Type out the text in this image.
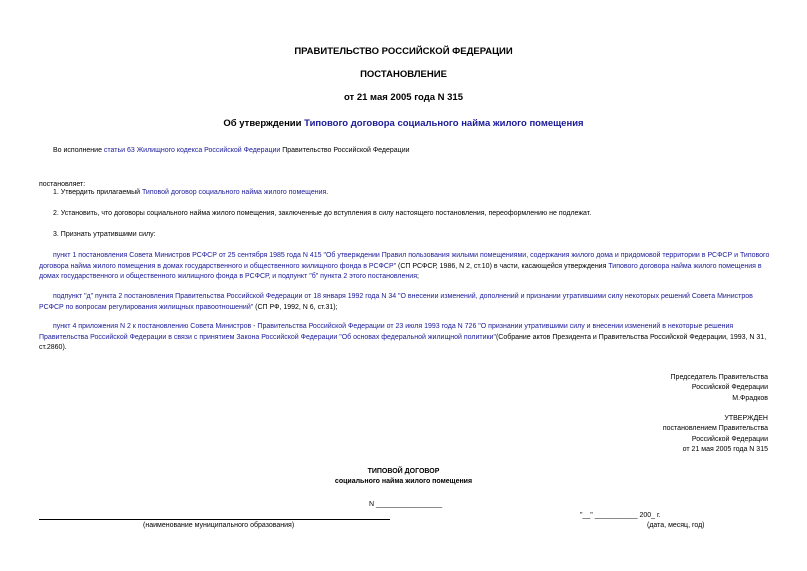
ПРАВИТЕЛЬСТВО РОССИЙСКОЙ ФЕДЕРАЦИИ
ПОСТАНОВЛЕНИЕ
от 21 мая 2005 года N 315
Об утверждении Типового договора социального найма жилого помещения
Во исполнение статьи 63 Жилищного кодекса Российской Федерации Правительство Российской Федерации
постановляет:
1. Утвердить прилагаемый Типовой договор социального найма жилого помещения.
2. Установить, что договоры социального найма жилого помещения, заключенные до вступления в силу настоящего постановления, переоформлению не подлежат.
3. Признать утратившими силу:
пункт 1 постановления Совета Министров РСФСР от 25 сентября 1985 года N 415 "Об утверждении Правил пользования жилыми помещениями, содержания жилого дома и придомовой территории в РСФСР и Типового договора найма жилого помещения в домах государственного и общественного жилищного фонда в РСФСР" (СП РСФСР, 1986, N 2, ст.10) в части, касающейся утверждения Типового договора найма жилого помещения в домах государственного и общественного жилищного фонда в РСФСР, и подпункт "б" пункта 2 этого постановления;
подпункт "д" пункта 2 постановления Правительства Российской Федерации от 18 января 1992 года N 34 "О внесении изменений, дополнений и признании утратившими силу некоторых решений Совета Министров РСФСР по вопросам регулирования жилищных правоотношений" (СП РФ, 1992, N 6, ст.31);
пункт 4 приложения N 2 к постановлению Совета Министров - Правительства Российской Федерации от 23 июля 1993 года N 726 "О признании утратившими силу и внесении изменений в некоторые решения Правительства Российской Федерации в связи с принятием Закона Российской Федерации "Об основах федеральной жилищной политики"(Собрание актов Президента и Правительства Российской Федерации, 1993, N 31, ст.2860).
Председатель Правительства
Российской Федерации
М.Фрадков
УТВЕРЖДЕН
постановлением Правительства
Российской Федерации
от 21 мая 2005 года N 315
ТИПОВОЙ ДОГОВОР
социального найма жилого помещения
N _________________
(наименование муниципального образования)
"__" ___________ 200_ г.
(дата, месяц, год)
